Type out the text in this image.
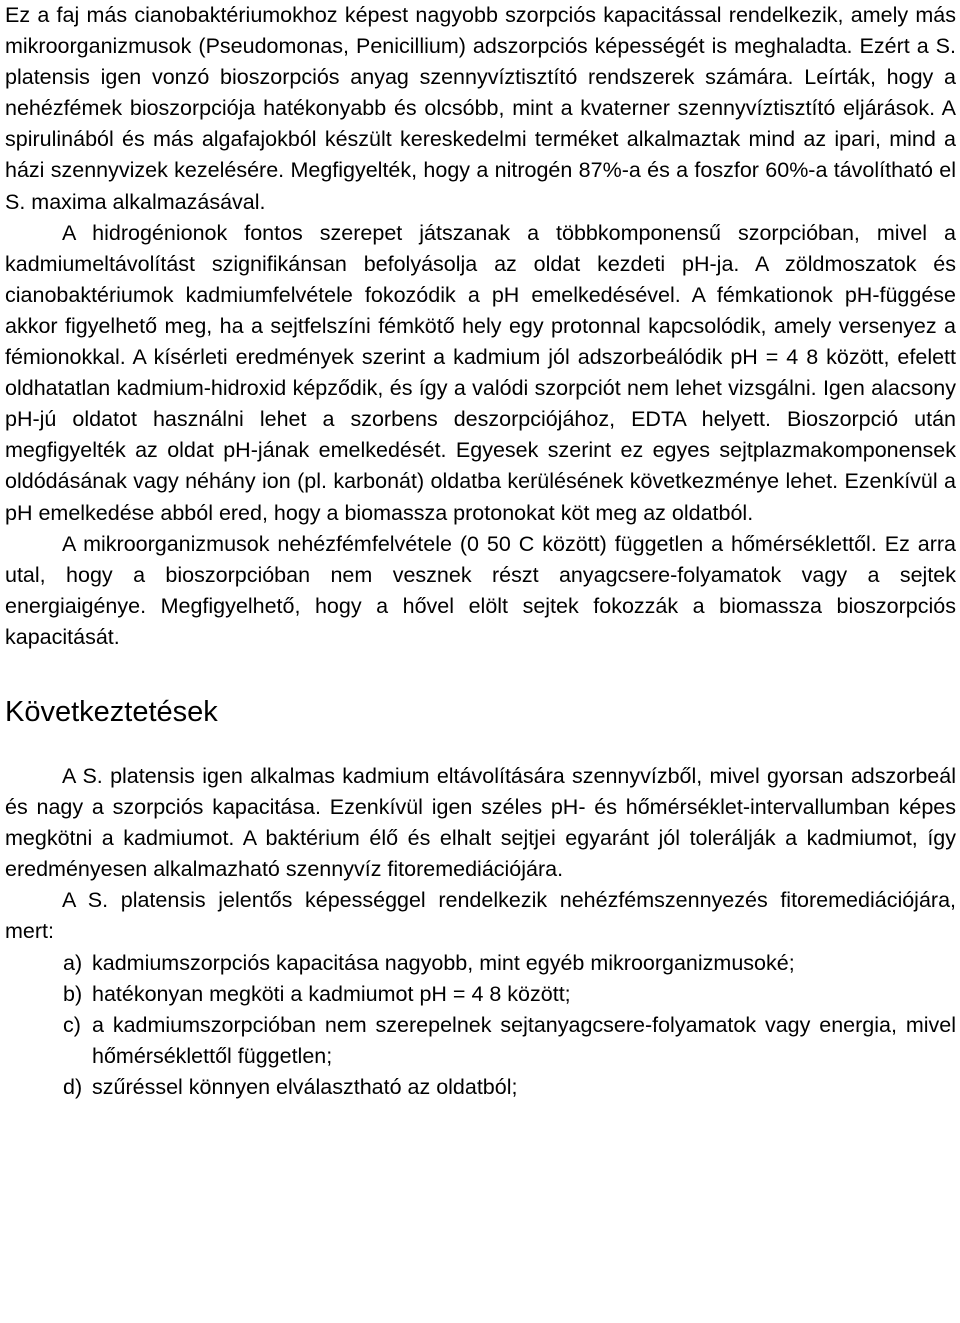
Ez a faj más cianobaktériumokhoz képest nagyobb szorpciós kapacitással rendelkezik, amely más mikroorganizmusok (Pseudomonas, Penicillium) adszorpciós képességét is meghaladta. Ezért a S. platensis igen vonzó bioszorpciós anyag szennyvíztisztító rendszerek számára. Leírták, hogy a nehézfémek bioszorpciója hatékonyabb és olcsóbb, mint a kvaterner szennyvíztisztító eljárások. A spirulinából és más algafajokból készült kereskedelmi terméket alkalmaztak mind az ipari, mind a házi szennyvizek kezelésére. Megfigyelték, hogy a nitrogén 87%-a és a foszfor 60%-a távolítható el S. maxima alkalmazásával.

A hidrogénionok fontos szerepet játszanak a többkomponensű szorpcióban, mivel a kadmiumeltávolítást szignifikánsan befolyásolja az oldat kezdeti pH-ja. A zöldmoszatok és cianobaktériumok kadmiumfelvétele fokozódik a pH emelkedésével. A fémkationok pH-függése akkor figyelhető meg, ha a sejtfelszíni fémkötő hely egy protonnal kapcsolódik, amely versenyez a fémionokkal. A kísérleti eredmények szerint a kadmium jól adszorbeálódik pH = 4 8 között, efelett oldhatatlan kadmium-hidroxid képződik, és így a valódi szorpciót nem lehet vizsgálni. Igen alacsony pH-jú oldatot használni lehet a szorbens deszorpciójához, EDTA helyett. Bioszorpció után megfigyelték az oldat pH-jának emelkedését. Egyesek szerint ez egyes sejtplazmakomponensek oldódásának vagy néhány ion (pl. karbonát) oldatba kerülésének következménye lehet. Ezenkívül a pH emelkedése abból ered, hogy a biomassza protonokat köt meg az oldatból.

A mikroorganizmusok nehézfémfelvétele (0 50 C között) független a hőmérséklettől. Ez arra utal, hogy a bioszorpcióban nem vesznek részt anyagcsere-folyamatok vagy a sejtek energiaigénye. Megfigyelhető, hogy a hővel elölt sejtek fokozzák a biomassza bioszorpciós kapacitását.

Következtetések

A S. platensis igen alkalmas kadmium eltávolítására szennyvízből, mivel gyorsan adszorbeál és nagy a szorpciós kapacitása. Ezenkívül igen széles pH- és hőmérséklet-intervallumban képes megkötni a kadmiumot. A baktérium élő és elhalt sejtjei egyaránt jól tolerálják a kadmiumot, így eredményesen alkalmazható szennyvíz fitoremediációjára.

A S. platensis jelentős képességgel rendelkezik nehézfémszennyezés fitoremediációjára, mert:

a) kadmiumszorpciós kapacitása nagyobb, mint egyéb mikroorganizmusoké;
b) hatékonyan megköti a kadmiumot pH = 4 8 között;
c) a kadmiumszorpcióban nem szerepelnek sejtanyagcsere-folyamatok vagy energia, mivel hőmérséklettől független;
d) szűréssel könnyen elválasztható az oldatból;
